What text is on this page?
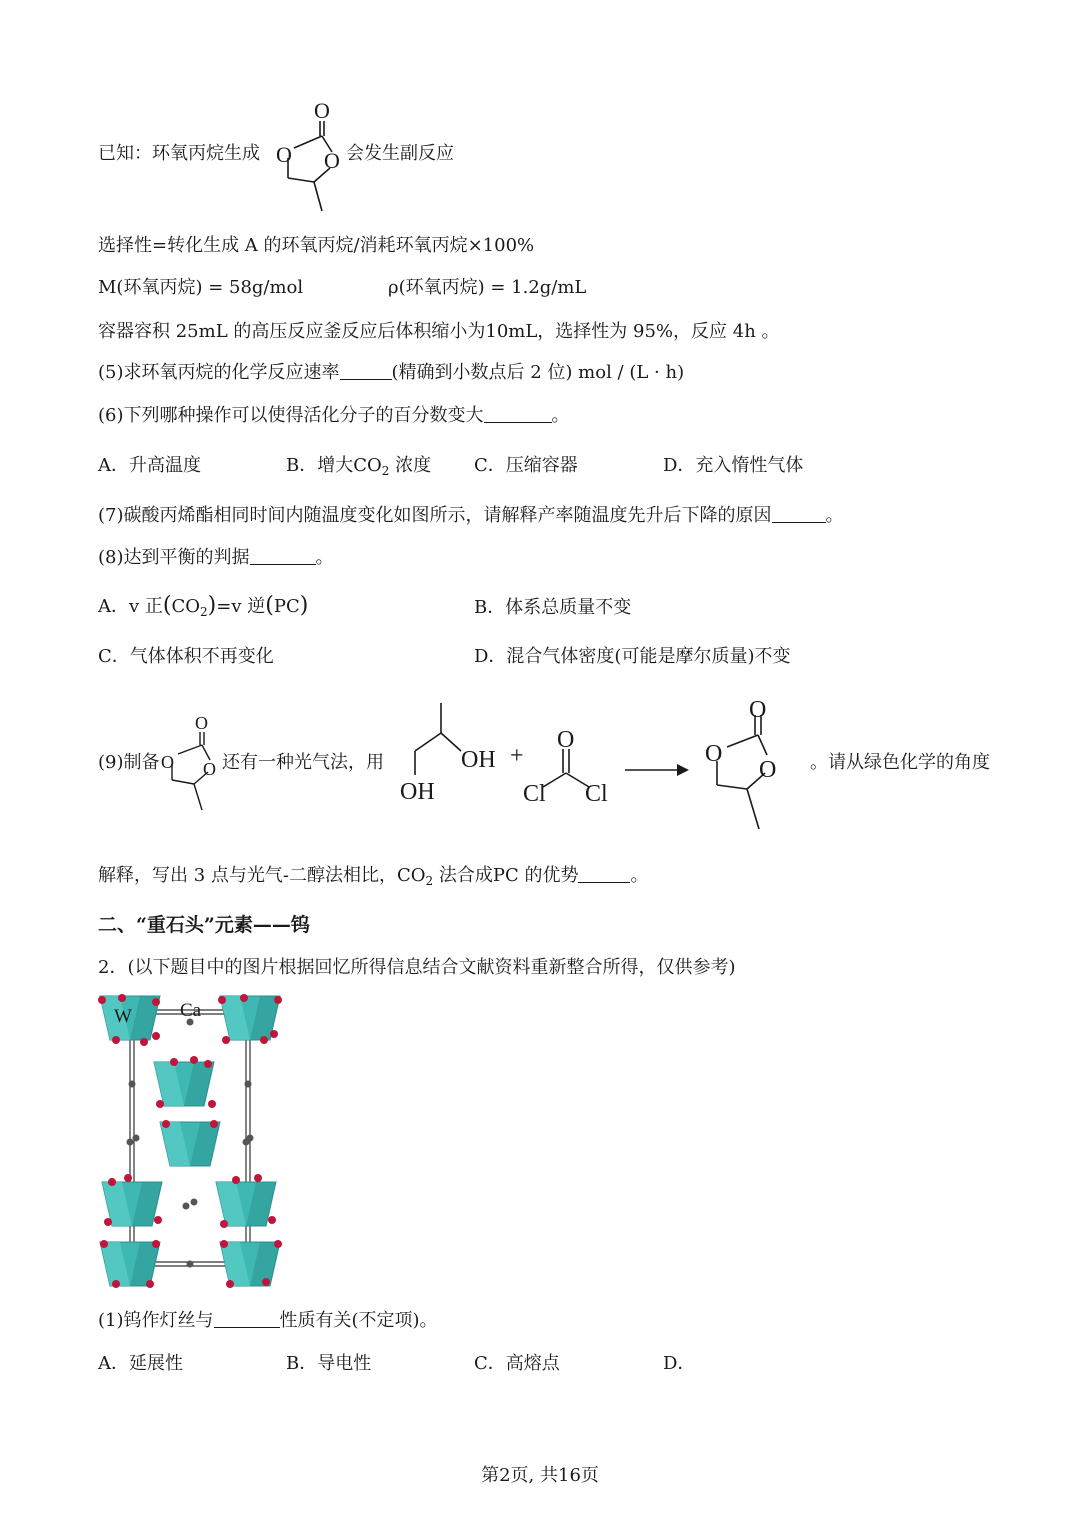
已知：环氧丙烷生成
O
O O 会发生副反应
选择性=转化生成 A 的环氧丙烷/消耗环氧丙烷×100%
M(环氧丙烷) = 58g/mol	ρ(环氧丙烷) = 1.2g/mL
容器容积 25mL 的高压反应釜反应后体积缩小为10mL，选择性为 95%，反应 4h 。
(5)求环氧丙烷的化学反应速率	(精确到小数点后 2 位) mol / (L · h)
(6)下列哪种操作可以使得活化分子的百分数变大	。
A．升高温度	B．增大$CO_2$ 浓度 C．压缩容器	D．充入惰性气体
(7)碳酸丙烯酯相同时间内随温度变化如图所示，请解释产率随温度先升后下降的原因	。
(8)达到平衡的判据	。
A．v 正$(CO_2)=v$ 逆(PC)	B．体系总质量不变
C．气体体积不再变化	D．混合气体密度(可能是摩尔质量)不变
(9)制备
O
O O 还有一种光气法，用	OH +
OH
O
Cl Cl
O
O
O 。请从绿色化学的角度
解释，写出 3 点与光气-二醇法相比，$CO_2$ 法合成PC 的优势	。
二、“重石头”元素——钨
2．(以下题目中的图片根据回忆所得信息结合文献资料重新整合所得，仅供参考)
W	Ca
(1)钨作灯丝与	性质有关(不定项)。
A．延展性	B．导电性	C．高熔点	D．
第2页, 共16页
